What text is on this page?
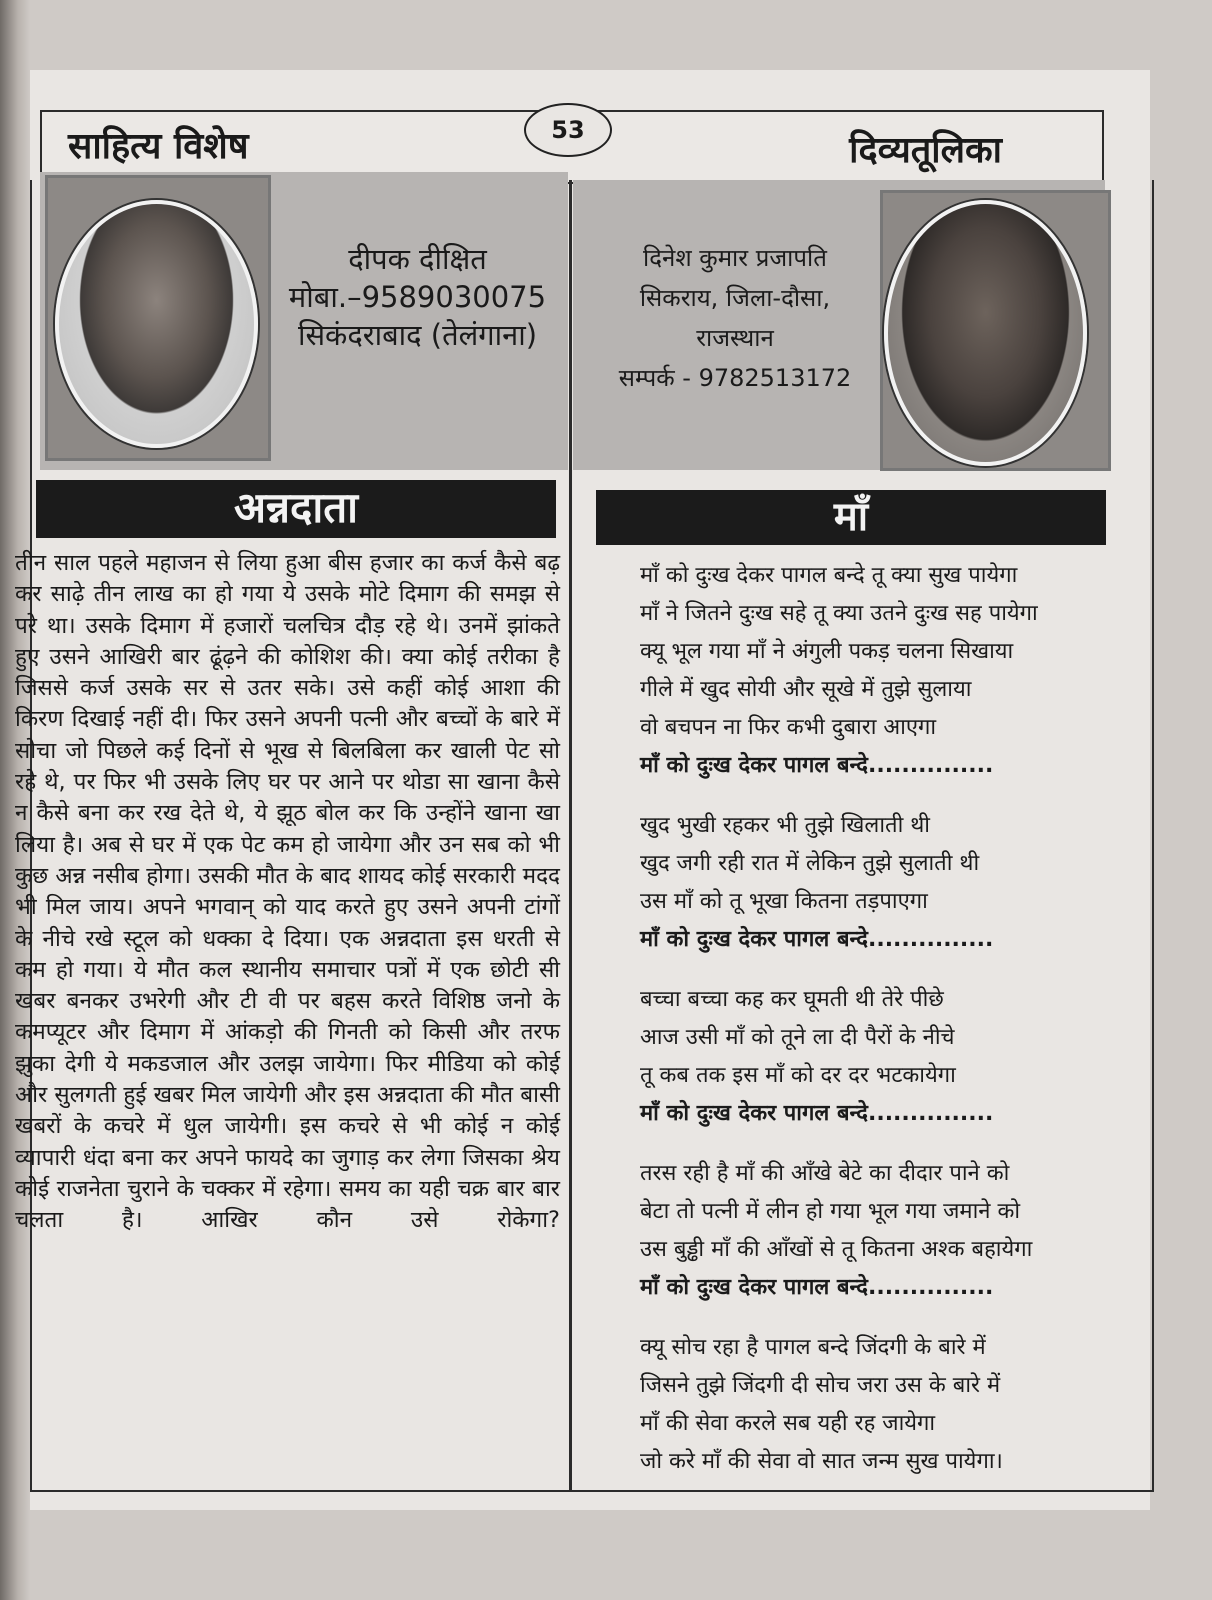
साहित्य विशेष	दिव्यतूलिका
53
दीपक दीक्षित
मोबा.–9589030075
सिकंदराबाद (तेलंगाना)
दिनेश कुमार प्रजापति
सिकराय, जिला-दौसा,
राजस्थान
सम्पर्क - 9782513172
अन्नदाता	माँ
तीन साल पहले महाजन से लिया हुआ बीस हजार का कर्ज कैसे बढ़ कर साढ़े तीन लाख का हो गया ये उसके मोटे दिमाग की समझ से परे था। उसके दिमाग में हजारों चलचित्र दौड़ रहे थे। उनमें झांकते हुए उसने आखिरी बार ढूंढ़ने की कोशिश की। क्या कोई तरीका है जिससे कर्ज उसके सर से उतर सके। उसे कहीं कोई आशा की किरण दिखाई नहीं दी। फिर उसने अपनी पत्नी और बच्चों के बारे में सोचा जो पिछले कई दिनों से भूख से बिलबिला कर खाली पेट सो रहे थे, पर फिर भी उसके लिए घर पर आने पर थोडा सा खाना कैसे न कैसे बना कर रख देते थे, ये झूठ बोल कर कि उन्होंने खाना खा लिया है। अब से घर में एक पेट कम हो जायेगा और उन सब को भी कुछ अन्न नसीब होगा। उसकी मौत के बाद शायद कोई सरकारी मदद भी मिल जाय। अपने भगवान् को याद करते हुए उसने अपनी टांगों के नीचे रखे स्टूल को धक्का दे दिया। एक अन्नदाता इस धरती से कम हो गया। ये मौत कल स्थानीय समाचार पत्रों में एक छोटी सी खबर बनकर उभरेगी और टी वी पर बहस करते विशिष्ठ जनो के कमप्यूटर और दिमाग में आंकड़ो की गिनती को किसी और तरफ झुका देगी ये मकडजाल और उलझ जायेगा। फिर मीडिया को कोई और सुलगती हुई खबर मिल जायेगी और इस अन्नदाता की मौत बासी खबरों के कचरे में धुल जायेगी। इस कचरे से भी कोई न कोई व्यापारी धंदा बना कर अपने फायदे का जुगाड़ कर लेगा जिसका श्रेय कोई राजनेता चुराने के चक्कर में रहेगा। समय का यही चक्र बार बार चलता है। आखिर कौन उसे रोकेगा?
माँ को दुःख देकर पागल बन्दे तू क्या सुख पायेगा
माँ ने जितने दुःख सहे तू क्या उतने दुःख सह पायेगा
क्यू भूल गया माँ ने अंगुली पकड़ चलना सिखाया
गीले में खुद सोयी और सूखे में तुझे सुलाया
वो बचपन ना फिर कभी दुबारा आएगा
माँ को दुःख देकर पागल बन्दे...............
खुद भुखी रहकर भी तुझे खिलाती थी
खुद जगी रही रात में लेकिन तुझे सुलाती थी
उस माँ को तू भूखा कितना तड़पाएगा
माँ को दुःख देकर पागल बन्दे...............
बच्चा बच्चा कह कर घूमती थी तेरे पीछे
आज उसी माँ को तूने ला दी पैरों के नीचे
तू कब तक इस माँ को दर दर भटकायेगा
माँ को दुःख देकर पागल बन्दे...............
तरस रही है माँ की आँखे बेटे का दीदार पाने को
बेटा तो पत्नी में लीन हो गया भूल गया जमाने को
उस बुड्ढी माँ की आँखों से तू कितना अश्क बहायेगा
माँ को दुःख देकर पागल बन्दे...............
क्यू सोच रहा है पागल बन्दे जिंदगी के बारे में
जिसने तुझे जिंदगी दी सोच जरा उस के बारे में
माँ की सेवा करले सब यही रह जायेगा
जो करे माँ की सेवा वो सात जन्म सुख पायेगा।
